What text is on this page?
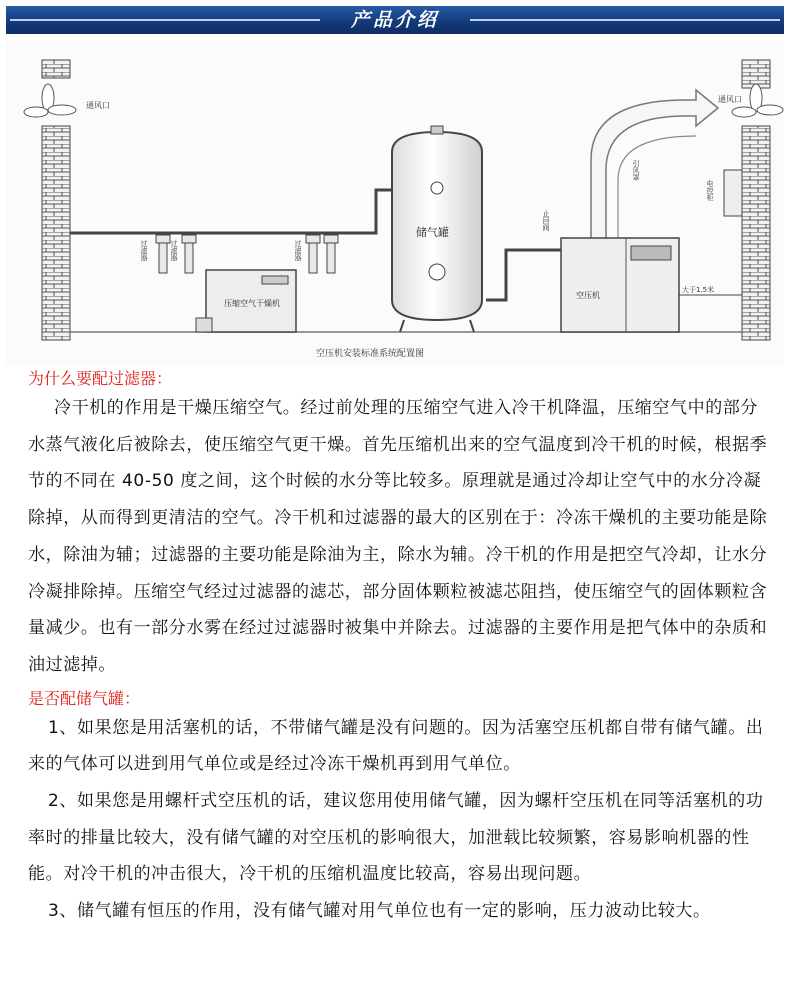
产品介绍
通风口
通风口
过滤器	过滤器	过滤器
压缩空气干燥机
储气罐
引风罩
止回阀
空压机
电控柜
大于1.5米
空压机安装标准系统配置图
为什么要配过滤器：

冷干机的作用是干燥压缩空气。经过前处理的压缩空气进入冷干机降温，压缩空气中的部分水蒸气液化后被除去，使压缩空气更干燥。首先压缩机出来的空气温度到冷干机的时候，根据季节的不同在 40-50 度之间，这个时候的水分等比较多。原理就是通过冷却让空气中的水分冷凝除掉，从而得到更清洁的空气。冷干机和过滤器的最大的区别在于：冷冻干燥机的主要功能是除水，除油为辅；过滤器的主要功能是除油为主，除水为辅。冷干机的作用是把空气冷却，让水分冷凝排除掉。压缩空气经过过滤器的滤芯，部分固体颗粒被滤芯阻挡，使压缩空气的固体颗粒含量减少。也有一部分水雾在经过过滤器时被集中并除去。过滤器的主要作用是把气体中的杂质和油过滤掉。

是否配储气罐：

1、如果您是用活塞机的话，不带储气罐是没有问题的。因为活塞空压机都自带有储气罐。出来的气体可以进到用气单位或是经过冷冻干燥机再到用气单位。

2、如果您是用螺杆式空压机的话，建议您用使用储气罐，因为螺杆空压机在同等活塞机的功率时的排量比较大，没有储气罐的对空压机的影响很大，加泄载比较频繁，容易影响机器的性能。对冷干机的冲击很大，冷干机的压缩机温度比较高，容易出现问题。

3、储气罐有恒压的作用，没有储气罐对用气单位也有一定的影响，压力波动比较大。
